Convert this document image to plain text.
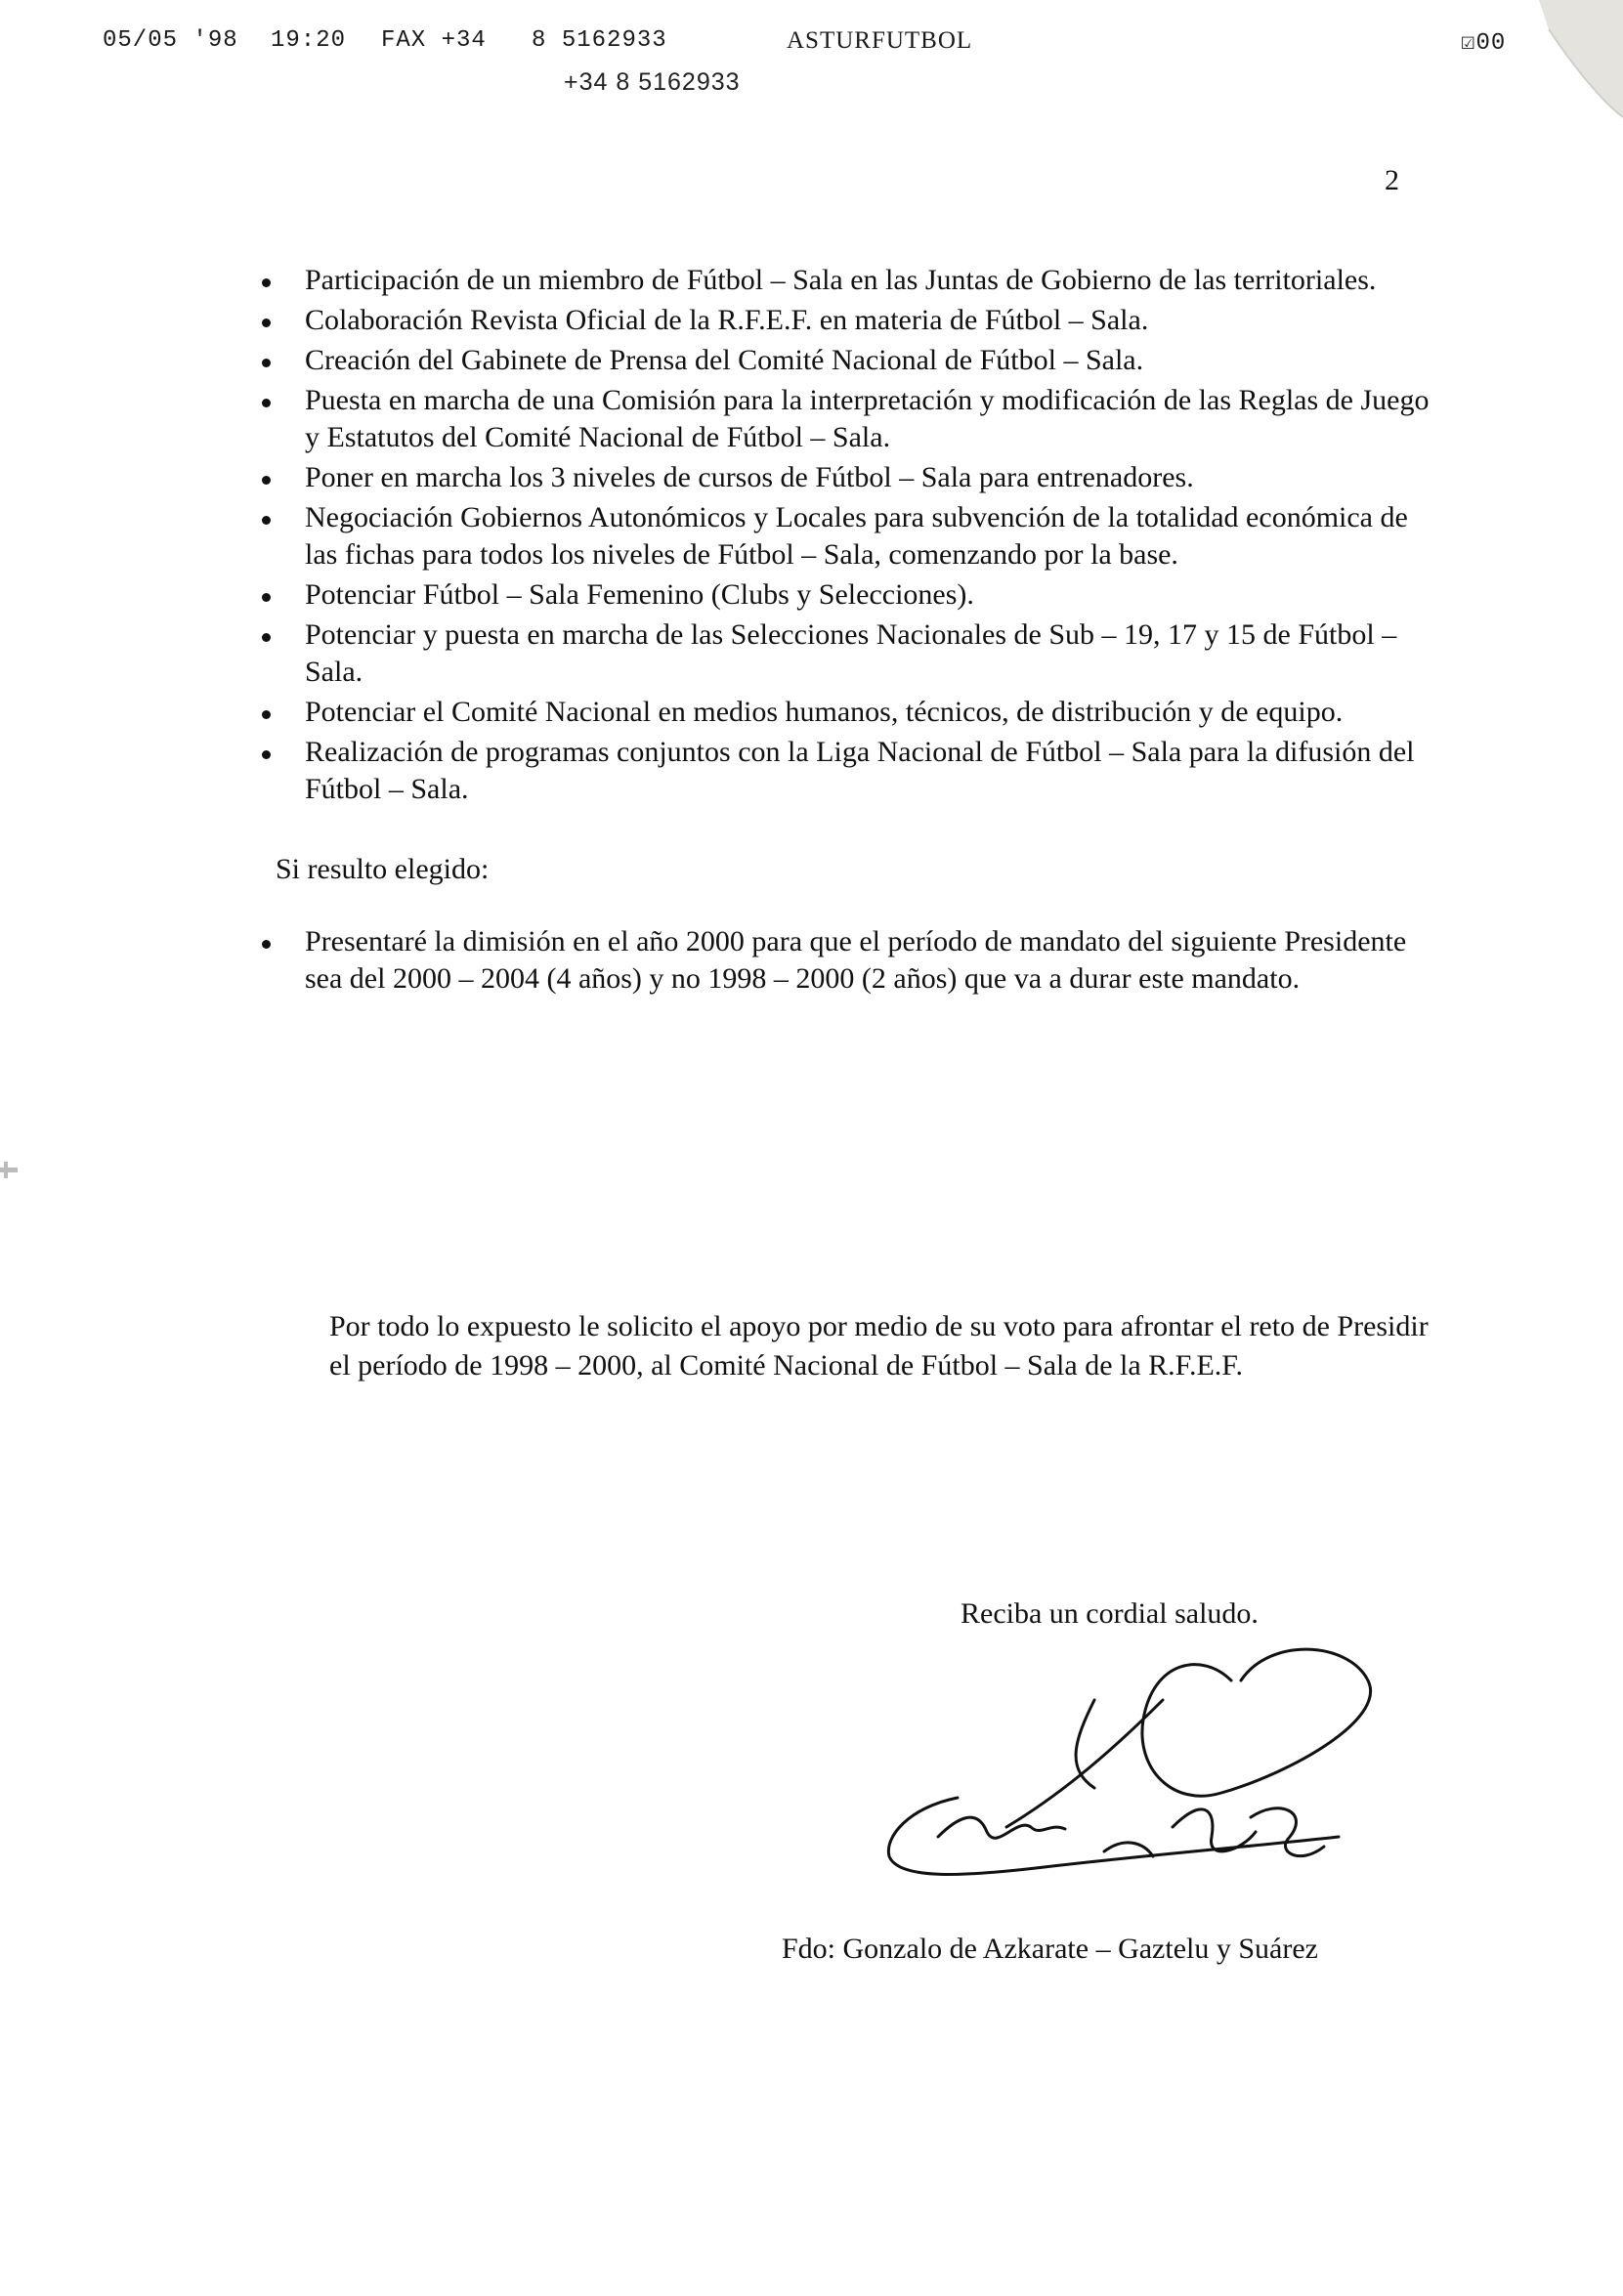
05/05 '98

19:20

FAX +34   8 5162933

	ASTURFUTBOL

	☑00

+34 8 5162933
2
Participación de un miembro de Fútbol – Sala en las Juntas de Gobierno de las territoriales.
Colaboración Revista Oficial de la R.F.E.F. en materia de Fútbol – Sala.
Creación del Gabinete de Prensa del Comité Nacional de Fútbol – Sala.
Puesta en marcha de una Comisión para la interpretación y modificación de las Reglas de Juego y Estatutos del Comité Nacional de Fútbol – Sala.
Poner en marcha los 3 niveles de cursos de Fútbol – Sala para entrenadores.
Negociación Gobiernos Autonómicos y Locales para subvención de la totalidad económica de las fichas para todos los niveles de Fútbol – Sala, comenzando por la base.
Potenciar Fútbol – Sala Femenino (Clubs y Selecciones).
Potenciar y puesta en marcha de las Selecciones Nacionales de Sub – 19, 17 y 15 de Fútbol – Sala.
Potenciar el Comité Nacional en medios humanos, técnicos, de distribución y de equipo.
Realización de programas conjuntos con la Liga Nacional de Fútbol – Sala para la difusión del Fútbol – Sala.
Si resulto elegido:
Presentaré la dimisión en el año 2000 para que el período de mandato del siguiente Presidente sea del 2000 – 2004 (4 años) y no 1998 – 2000 (2 años) que va a durar este mandato.
Por todo lo expuesto le solicito el apoyo por medio de su voto para afrontar el reto de Presidir el período de 1998 – 2000, al Comité Nacional de Fútbol – Sala de la R.F.E.F.
Reciba un cordial saludo.
Fdo: Gonzalo de Azkarate – Gaztelu y Suárez
